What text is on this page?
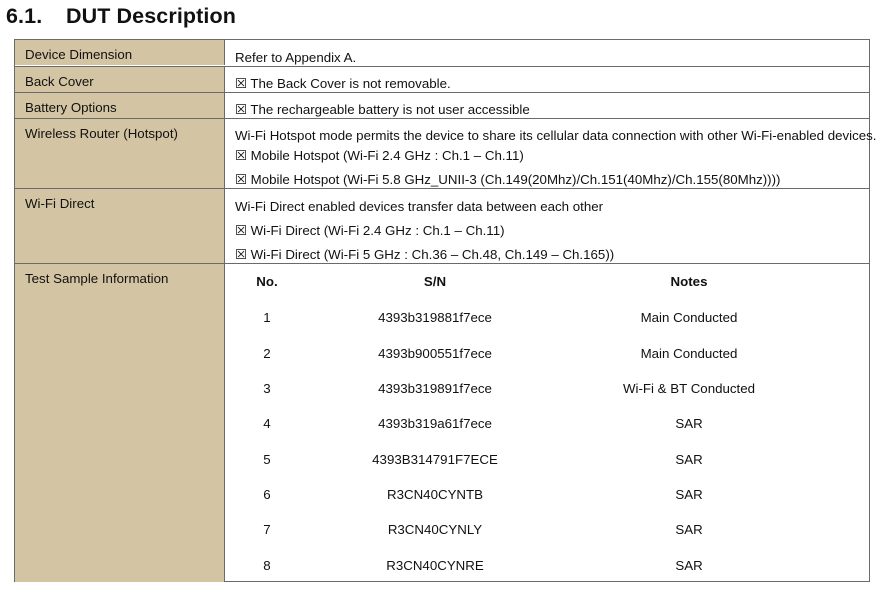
6.1. DUT Description
Device Dimension	Refer to Appendix A.
Back Cover	☒ The Back Cover is not removable.
Battery Options	☒ The rechargeable battery is not user accessible
Wireless Router (Hotspot)	Wi-Fi Hotspot mode permits the device to share its cellular data connection with other Wi-Fi-enabled devices.
☒ Mobile Hotspot (Wi-Fi 2.4 GHz : Ch.1 – Ch.11)
☒ Mobile Hotspot (Wi-Fi 5.8 GHz_UNII-3 (Ch.149(20Mhz)/Ch.151(40Mhz)/Ch.155(80Mhz))))
Wi-Fi Direct	Wi-Fi Direct enabled devices transfer data between each other
☒ Wi-Fi Direct (Wi-Fi 2.4 GHz : Ch.1 – Ch.11)
☒ Wi-Fi Direct (Wi-Fi 5 GHz : Ch.36 – Ch.48, Ch.149 – Ch.165))
Test Sample Information	No.	S/N	Notes
1	4393b319881f7ece	Main Conducted
2	4393b900551f7ece	Main Conducted
3	4393b319891f7ece	Wi-Fi & BT Conducted
4	4393b319a61f7ece	SAR
5	4393B314791F7ECE	SAR
6	R3CN40CYNTB	SAR
7	R3CN40CYNLY	SAR
8	R3CN40CYNRE	SAR
